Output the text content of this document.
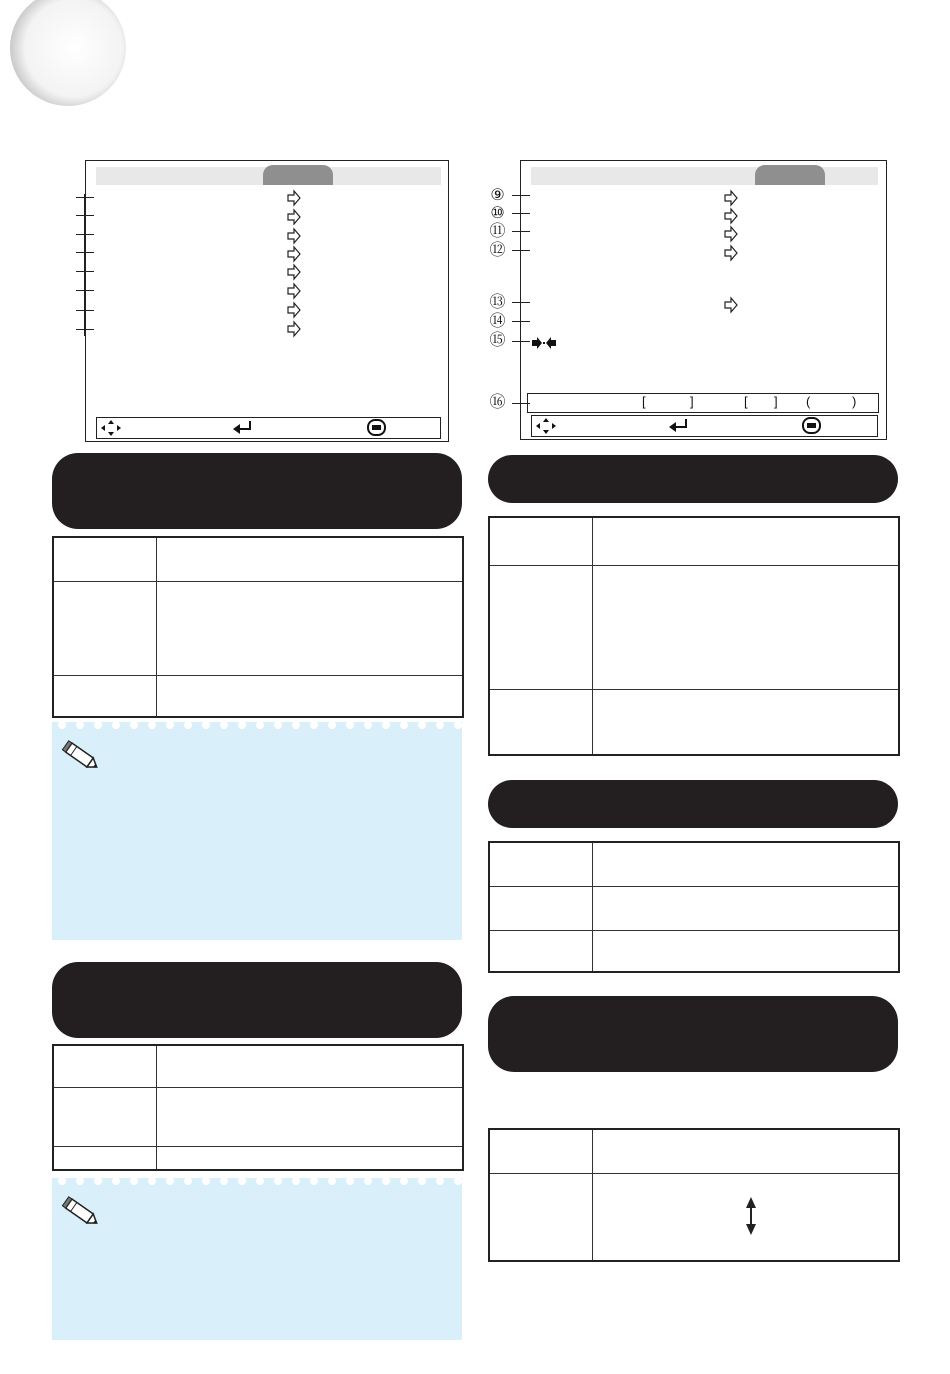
[	]	[ ] (	)
⑨
⑩
⑪
⑫
⑬
⑭
⑮
⑯
